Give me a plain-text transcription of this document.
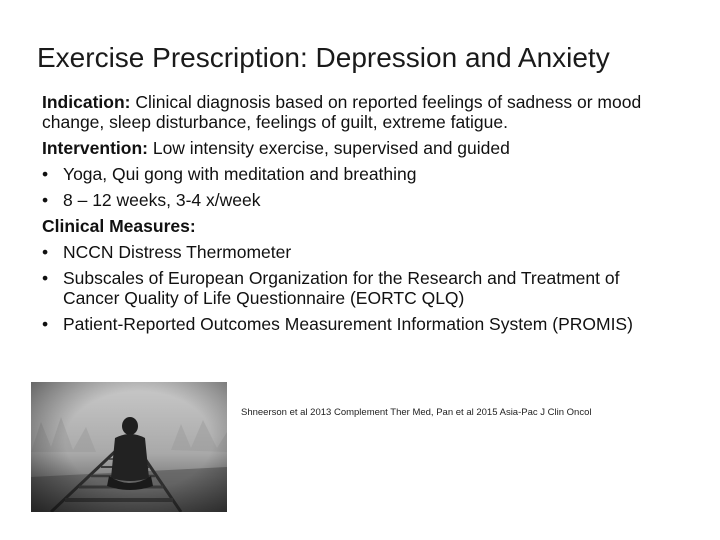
Exercise Prescription: Depression and Anxiety

Indication: Clinical diagnosis based on reported feelings of sadness or mood change, sleep disturbance, feelings of guilt, extreme fatigue.

Intervention: Low intensity exercise, supervised and guided

• Yoga, Qui gong with meditation and breathing
• 8 – 12 weeks, 3-4 x/week

Clinical Measures:

• NCCN Distress Thermometer
• Subscales of European Organization for the Research and Treatment of Cancer Quality of Life Questionnaire (EORTC QLQ)
• Patient-Reported Outcomes Measurement Information System (PROMIS)
Shneerson et al 2013 Complement Ther Med, Pan et al 2015 Asia-Pac J Clin Oncol
